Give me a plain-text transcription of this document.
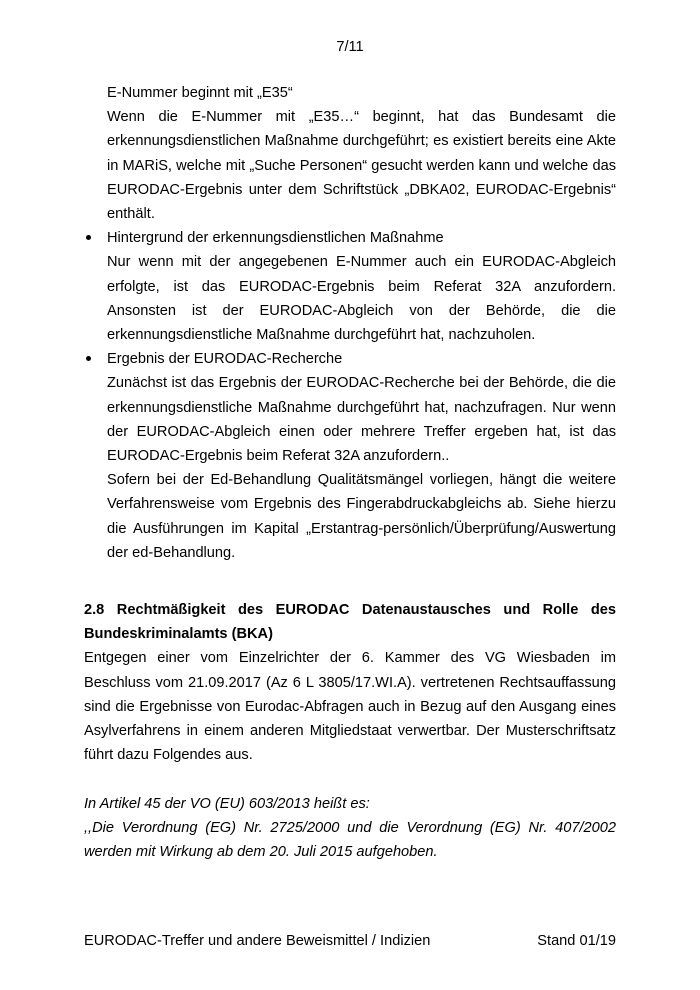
7/11

E-Nummer beginnt mit „E35“

Wenn die E-Nummer mit „E35…“ beginnt, hat das Bundesamt die erkennungsdienstlichen Maßnahme durchgeführt; es existiert bereits eine Akte in MARiS, welche mit „Suche Personen“ gesucht werden kann und welche das EURODAC-Ergebnis unter dem Schriftstück „DBKA02, EURODAC-Ergebnis“ enthält.

Hintergrund der erkennungsdienstlichen Maßnahme

Nur wenn mit der angegebenen E-Nummer auch ein EURODAC-Abgleich erfolgte, ist das EURODAC-Ergebnis beim Referat 32A anzufordern. Ansonsten ist der EURODAC-Abgleich von der Behörde, die die erkennungsdienstliche Maßnahme durchgeführt hat, nachzuholen.

Ergebnis der EURODAC-Recherche

Zunächst ist das Ergebnis der EURODAC-Recherche bei der Behörde, die die erkennungsdienstliche Maßnahme durchgeführt hat, nachzufragen. Nur wenn der EURODAC-Abgleich einen oder mehrere Treffer ergeben hat, ist das EURODAC-Ergebnis beim Referat 32A anzufordern..

Sofern bei der Ed-Behandlung Qualitätsmängel vorliegen, hängt die weitere Verfahrensweise vom Ergebnis des Fingerabdruckabgleichs ab. Siehe hierzu die Ausführungen im Kapital „Erstantrag-persönlich/Überprüfung/Auswertung der ed-Behandlung.

2.8 Rechtmäßigkeit des EURODAC Datenaustausches und Rolle des Bundeskriminalamts (BKA)

Entgegen einer vom Einzelrichter der 6. Kammer des VG Wiesbaden im Beschluss vom 21.09.2017 (Az 6 L 3805/17.WI.A). vertretenen Rechtsauffassung sind die Ergebnisse von Eurodac-Abfragen auch in Bezug auf den Ausgang eines Asylverfahrens in einem anderen Mitgliedstaat verwertbar. Der Musterschriftsatz führt dazu Folgendes aus.

In Artikel 45 der VO (EU) 603/2013 heißt es:

,,Die Verordnung (EG) Nr. 2725/2000 und die Verordnung (EG) Nr. 407/2002 werden mit Wirkung ab dem 20. Juli 2015 aufgehoben.

EURODAC-Treffer und andere Beweismittel / Indizien	Stand 01/19
